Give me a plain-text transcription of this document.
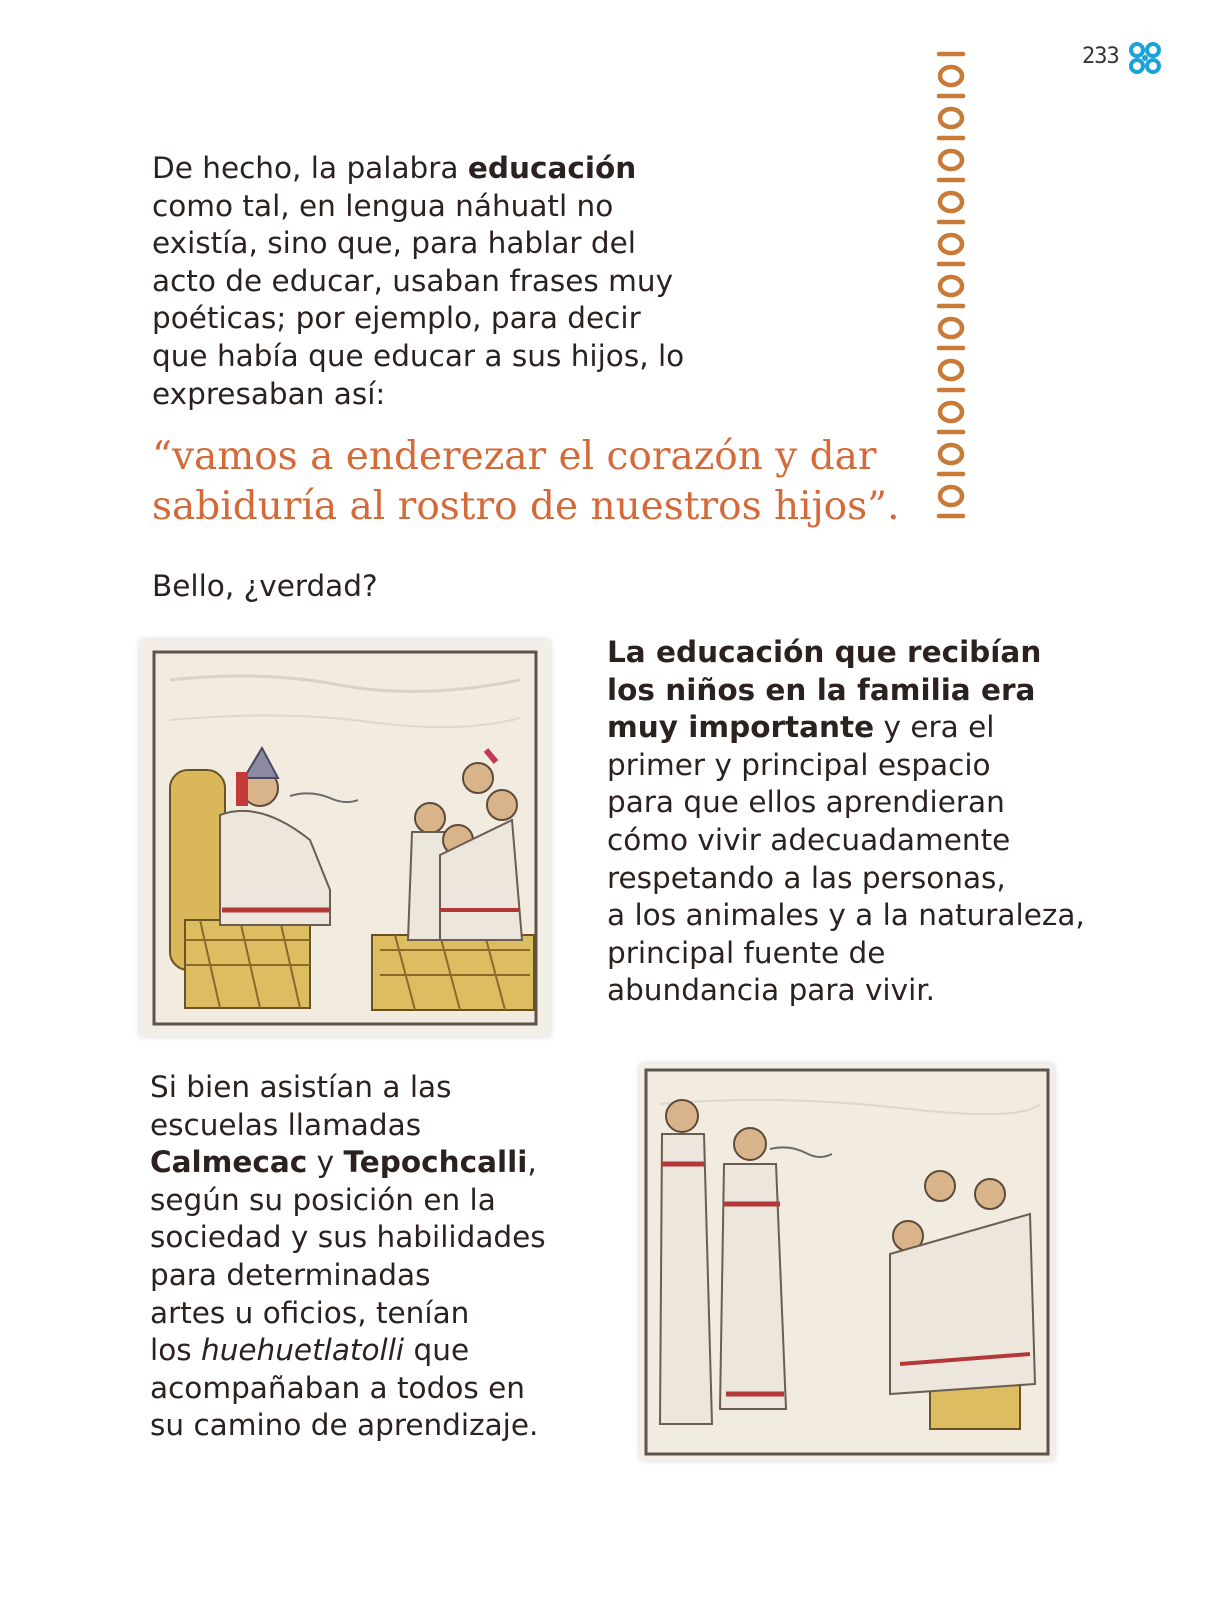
233
De hecho, la palabra educación
como tal, en lengua náhuatl no
existía, sino que, para hablar del
acto de educar, usaban frases muy
poéticas; por ejemplo, para decir
que había que educar a sus hijos, lo
expresaban así:
“vamos a enderezar el corazón y dar
sabiduría al rostro de nuestros hijos”.
Bello, ¿verdad?
La educación que recibían
los niños en la familia era
muy importante y era el
primer y principal espacio
para que ellos aprendieran
cómo vivir adecuadamente
respetando a las personas,
a los animales y a la naturaleza,
principal fuente de
abundancia para vivir.
Si bien asistían a las
escuelas llamadas
Calmecac y Tepochcalli,
según su posición en la
sociedad y sus habilidades
para determinadas
artes u oficios, tenían
los huehuetlatolli que
acompañaban a todos en
su camino de aprendizaje.
